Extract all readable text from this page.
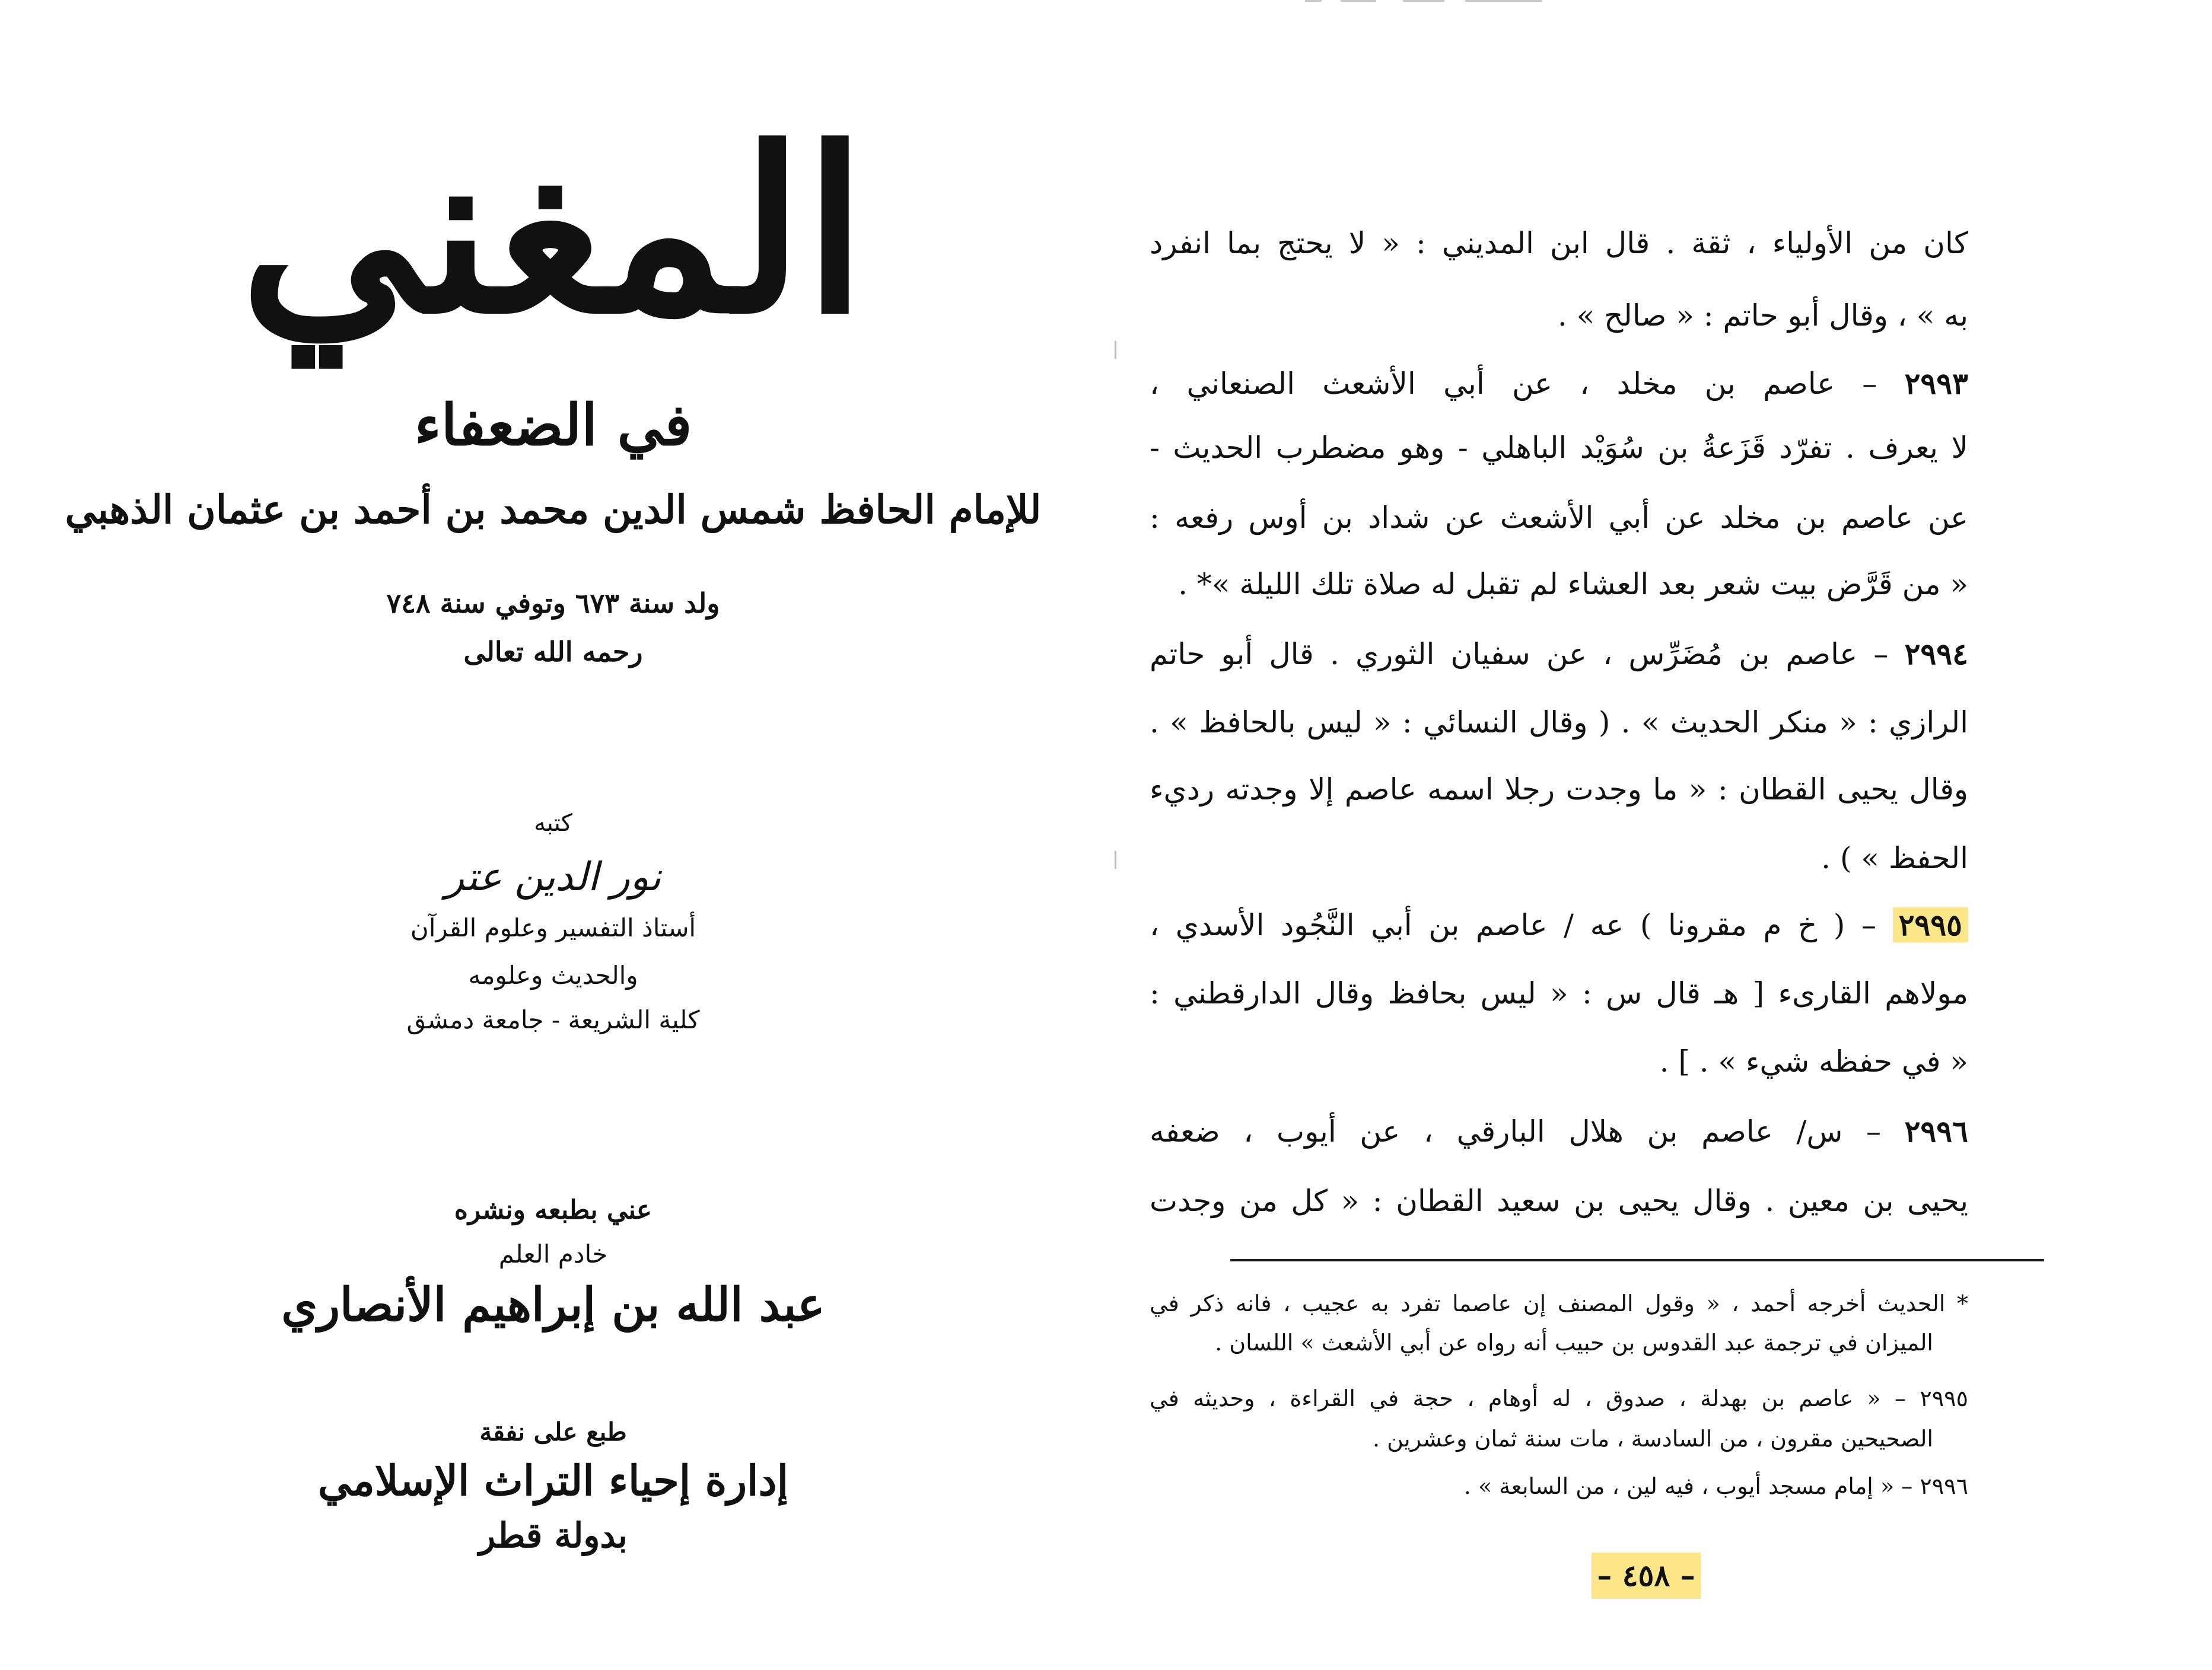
المغني
في الضعفاء
للإمام الحافظ شمس الدين محمد بن أحمد بن عثمان الذهبي
ولد سنة ٦٧٣ وتوفي سنة ٧٤٨
رحمه الله تعالى
كتبه
نور الدين عتر
أستاذ التفسير وعلوم القرآن
والحديث وعلومه
كلية الشريعة - جامعة دمشق
عني بطبعه ونشره
خادم العلم
عبد الله بن إبراهيم الأنصاري
طبع على نفقة
إدارة إحياء التراث الإسلامي
بدولة قطر
كان من الأولياء ، ثقة . قال ابن المديني : « لا يحتج بما انفرد
به » ، وقال أبو حاتم : « صالح » .
٢٩٩٣ – عاصم بن مخلد ، عن أبي الأشعث الصنعاني ،
لا يعرف . تفرّد قَزَعةُ بن سُوَيْد الباهلي - وهو مضطرب الحديث -
عن عاصم بن مخلد عن أبي الأشعث عن شداد بن أوس رفعه :
« من قَرَّض بيت شعر بعد العشاء لم تقبل له صلاة تلك الليلة »* .
٢٩٩٤ – عاصم بن مُضَرِّس ، عن سفيان الثوري . قال أبو حاتم
الرازي : « منكر الحديث » . ( وقال النسائي : « ليس بالحافظ » .
وقال يحيى القطان : « ما وجدت رجلا اسمه عاصم إلا وجدته رديء
الحفظ » ) .
٢٩٩٥ – ( خ م مقرونا ) عه / عاصم بن أبي النَّجُود الأسدي ،
مولاهم القارىء [ هـ قال س : « ليس بحافظ وقال الدارقطني :
« في حفظه شيء » . ] .
٢٩٩٦ – س/ عاصم بن هلال البارقي ، عن أيوب ، ضعفه
يحيى بن معين . وقال يحيى بن سعيد القطان : « كل من وجدت
* الحديث أخرجه أحمد ، « وقول المصنف إن عاصما تفرد به عجيب ، فانه ذكر في
الميزان في ترجمة عبد القدوس بن حبيب أنه رواه عن أبي الأشعث » اللسان .
٢٩٩٥ – « عاصم بن بهدلة ، صدوق ، له أوهام ، حجة في القراءة ، وحديثه في
الصحيحين مقرون ، من السادسة ، مات سنة ثمان وعشرين .
٢٩٩٦ – « إمام مسجد أيوب ، فيه لين ، من السابعة » .
– ٤٥٨ –
